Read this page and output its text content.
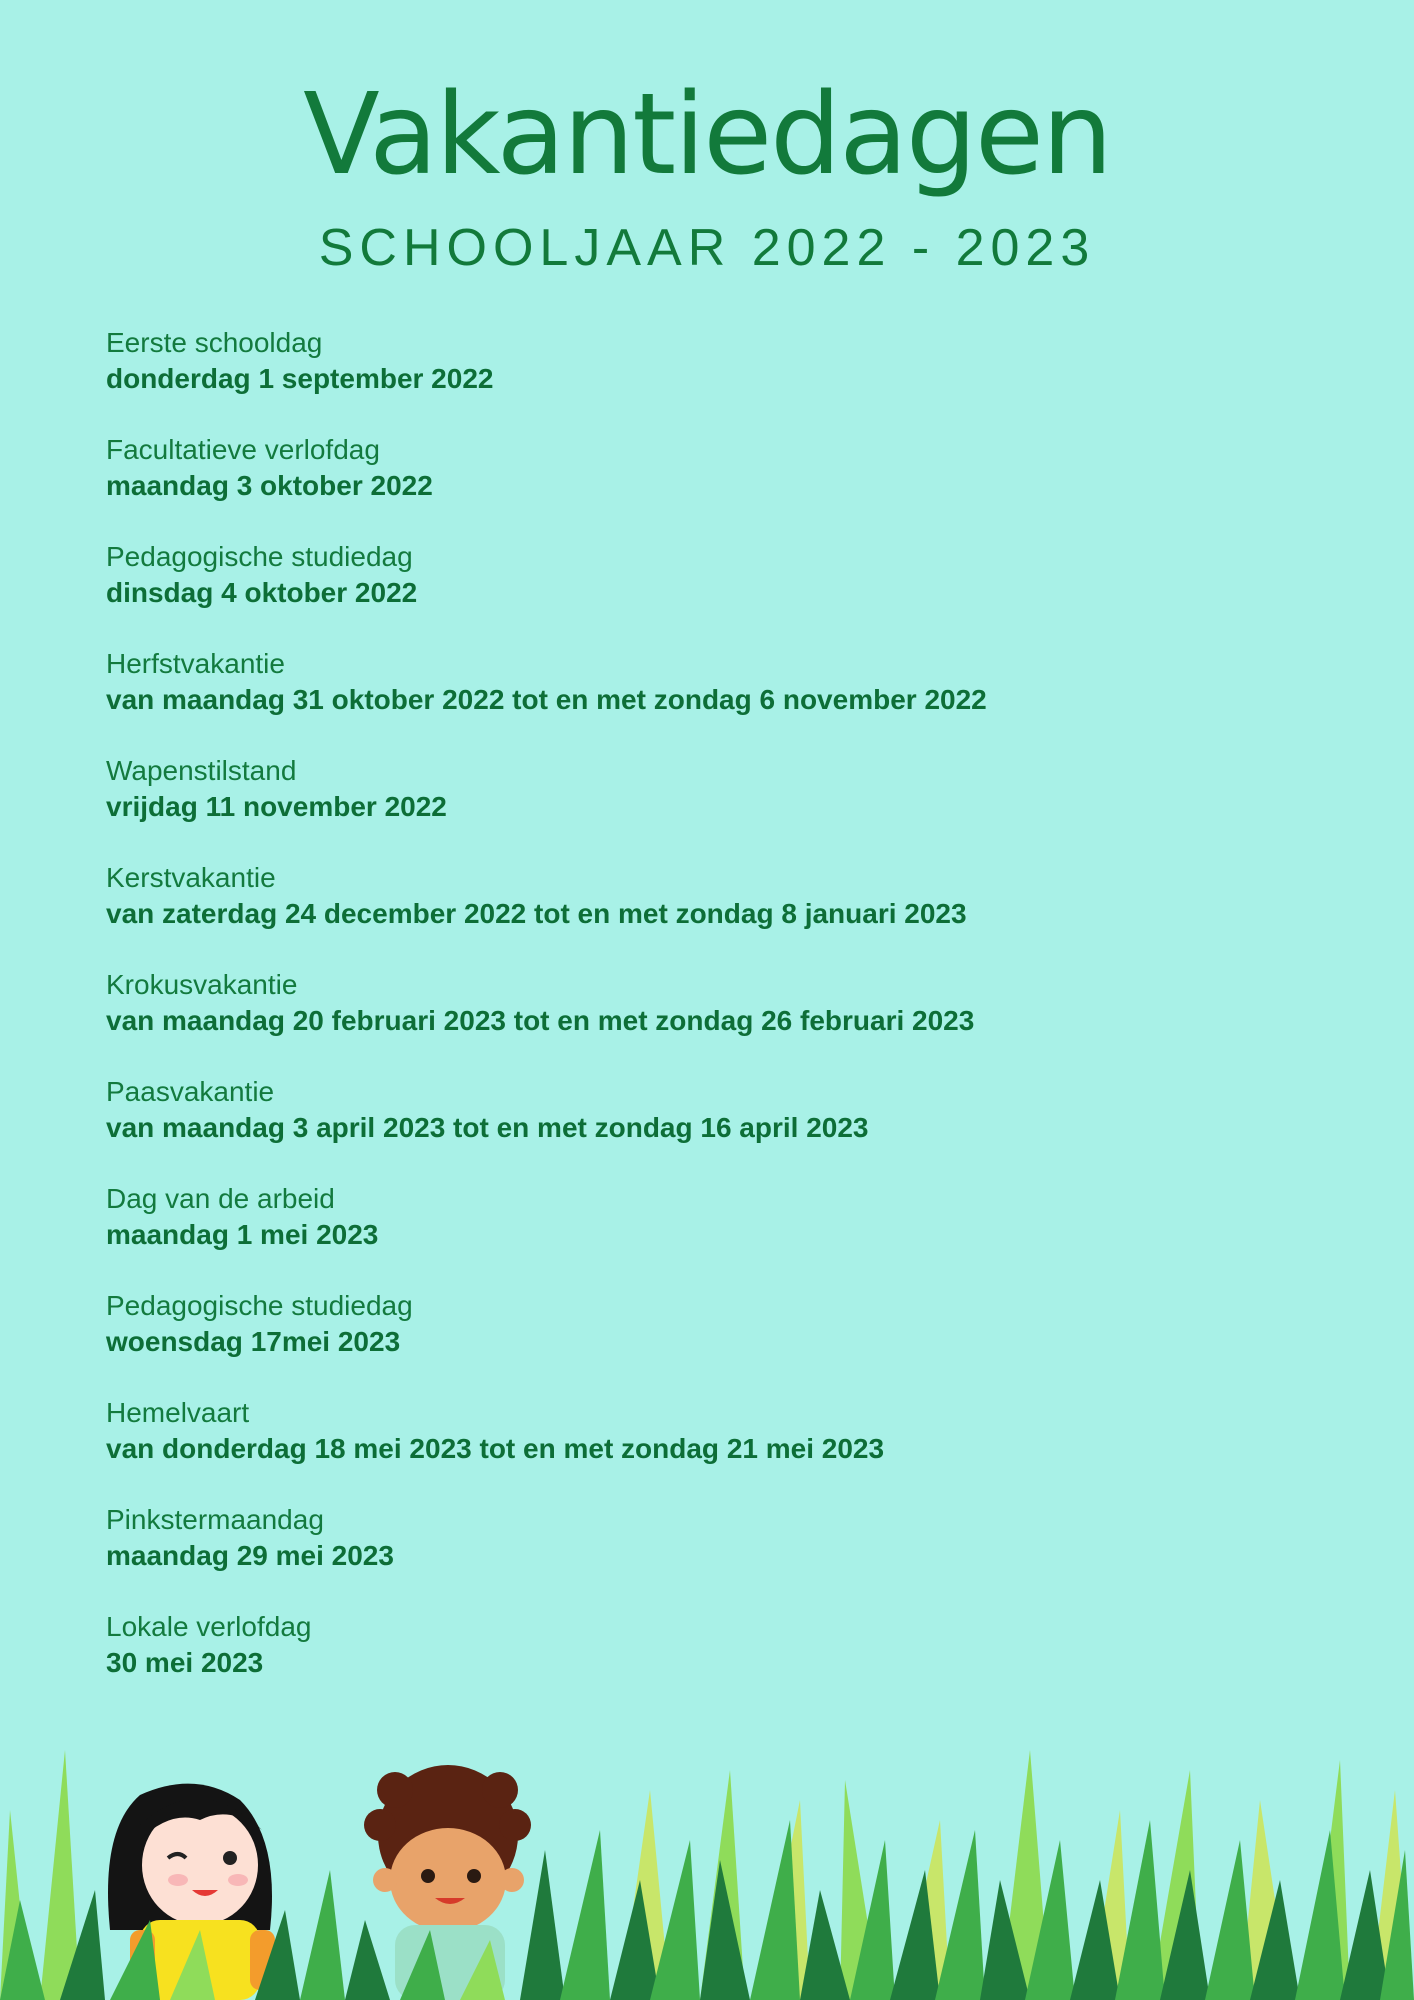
Vakantiedagen
SCHOOLJAAR 2022 - 2023
Eerste schooldag
donderdag 1 september 2022
Facultatieve verlofdag
maandag 3 oktober 2022
Pedagogische studiedag
dinsdag 4 oktober 2022
Herfstvakantie
van maandag 31 oktober 2022 tot en met zondag 6 november 2022
Wapenstilstand
vrijdag 11 november 2022
Kerstvakantie
van zaterdag 24 december 2022 tot en met zondag 8 januari 2023
Krokusvakantie
van maandag 20 februari 2023 tot en met zondag 26 februari 2023
Paasvakantie
van maandag 3 april 2023 tot en met zondag 16 april 2023
Dag van de arbeid
maandag 1 mei 2023
Pedagogische studiedag
woensdag 17mei 2023
Hemelvaart
van donderdag 18 mei 2023 tot en met zondag 21 mei 2023
Pinkstermaandag
maandag 29 mei 2023
Lokale verlofdag
30 mei 2023
